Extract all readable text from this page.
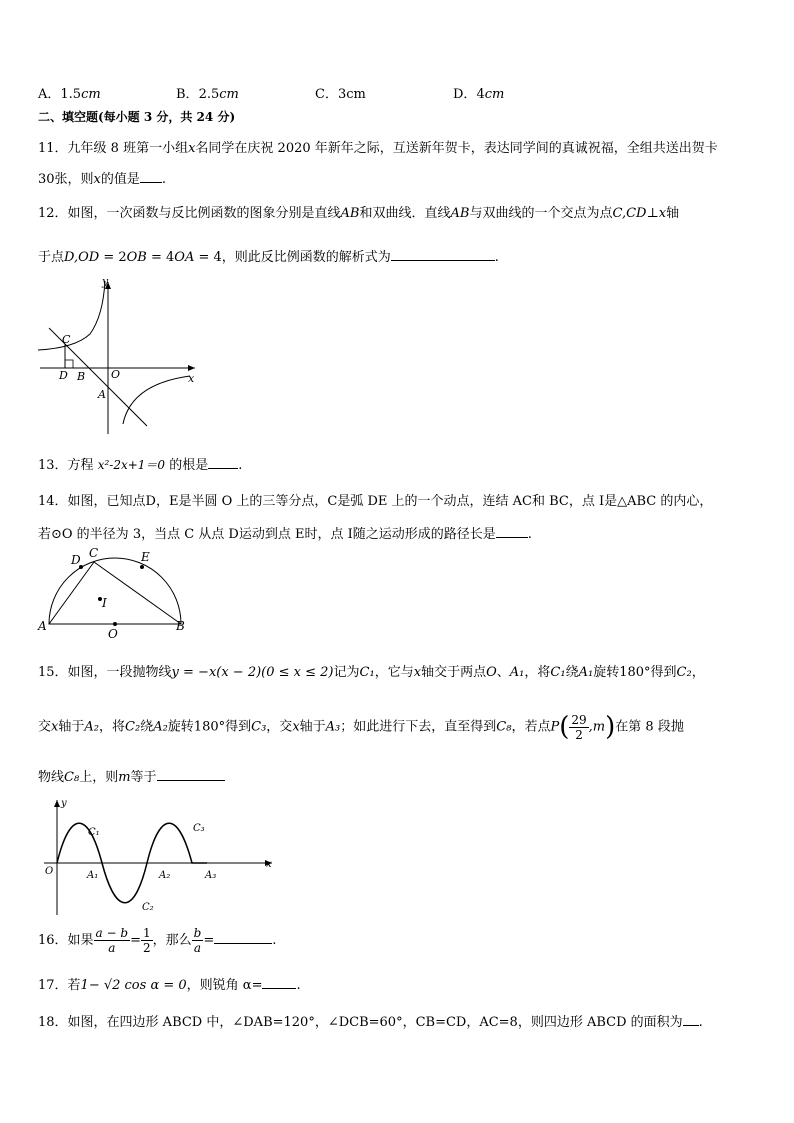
A．1.5cm	B．2.5cm	C．3cm	D．4cm
二、填空题(每小题 3 分，共 24 分)
11．九年级 8 班第一小组x名同学在庆祝 2020 年新年之际，互送新年贺卡，表达同学间的真诚祝福，全组共送出贺卡
30张，则x的值是 .
12．如图，一次函数与反比例函数的图象分别是直线AB和双曲线．直线AB与双曲线的一个交点为点C,CD⊥x轴
于点D,OD = 2OB = 4OA = 4，则此反比例函数的解析式为	.
y
x
C
D B O
A
13．方程 x²-2x+1＝0 的根是 .
14．如图，已知点D，E是半圆 O 上的三等分点，C是弧 DE 上的一个动点，连结 AC和 BC，点 I是△ABC 的内心，
若⊙O 的半径为 3，当点 C 从点 D运动到点 E时，点 I随之运动形成的路径长是 .
D C	E
I
A
O
B
15．如图，一段抛物线y = −x(x − 2)(0 ≤ x ≤ 2)记为C₁，它与x轴交于两点O、A₁，将C₁绕A₁旋转180°得到C₂，
交x轴于A₂，将C₂绕A₂旋转180°得到C₃，交x轴于A₃；如此进行下去，直至得到C₈，若点$P( \frac{29}{2} ,m)$在第 8 段抛
物线C₈上，则m等于
y
x
O
C₁
C₂
C₃
A₁	A₂	A₃
16．如果 $\frac{a - b}{a} = \frac{1}{2}$ ，那么 $\frac{b}{a}$ =	.
17．若1− √2 cos α = 0，则锐角 α=	.
18．如图，在四边形 ABCD 中，∠DAB=120°，∠DCB=60°，CB=CD，AC=8，则四边形 ABCD 的面积为 .
